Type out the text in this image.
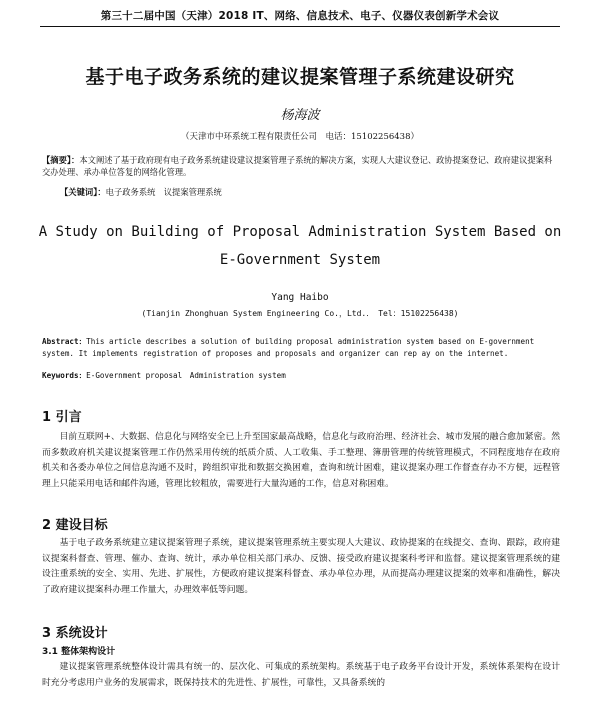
第三十二届中国（天津）2018 IT、网络、信息技术、电子、仪器仪表创新学术会议
基于电子政务系统的建议提案管理子系统建设研究
杨海波
（天津市中环系统工程有限责任公司　电话：15102256438）
【摘要】：本文阐述了基于政府现有电子政务系统建设建议提案管理子系统的解决方案，实现人大建议登记、政协提案登记、政府建议提案科交办处理、承办单位答复的网络化管理。
【关键词】：电子政务系统　议提案管理系统
A Study on Building of Proposal Administration System Based on E-Government System
Yang Haibo
(Tianjin Zhonghuan System Engineering Co.，Ltd.．　Tel：15102256438)
Abstract：This article describes a solution of building proposal administration system based on E-government system. It implements registration of proposes and proposals and organizer can rep ay on the internet.
Keywords：E-Government proposal　Administration system
1 引言
目前互联网+、大数据、信息化与网络安全已上升至国家最高战略，信息化与政府治理、经济社会、城市发展的融合愈加紧密。然而多数政府机关建议提案管理工作仍然采用传统的纸质介质、人工收集、手工整理、簿册管理的传统管理模式，不同程度地存在政府机关和各委办单位之间信息沟通不及时，跨组织审批和数据交换困难，查询和统计困难，建议提案办理工作督查存办不方便，远程管理上只能采用电话和邮件沟通，管理比较粗放，需要进行大量沟通的工作，信息对称困难。
2 建设目标
基于电子政务系统建立建议提案管理子系统，建议提案管理系统主要实现人大建议、政协提案的在线提交、查询、跟踪，政府建议提案科督查、管理、催办、查询、统计，承办单位相关部门承办、反馈、接受政府建议提案科考评和监督。建议提案管理系统的建设注重系统的安全、实用、先进、扩展性，方便政府建议提案科督查、承办单位办理，从而提高办理建议提案的效率和准确性，解决了政府建议提案科办理工作量大，办理效率低等问题。
3 系统设计
3.1 整体架构设计
建议提案管理系统整体设计需具有统一的、层次化、可集成的系统架构。系统基于电子政务平台设计开发，系统体系架构在设计时充分考虑用户业务的发展需求，既保持技术的先进性、扩展性，可靠性，又具备系统的
